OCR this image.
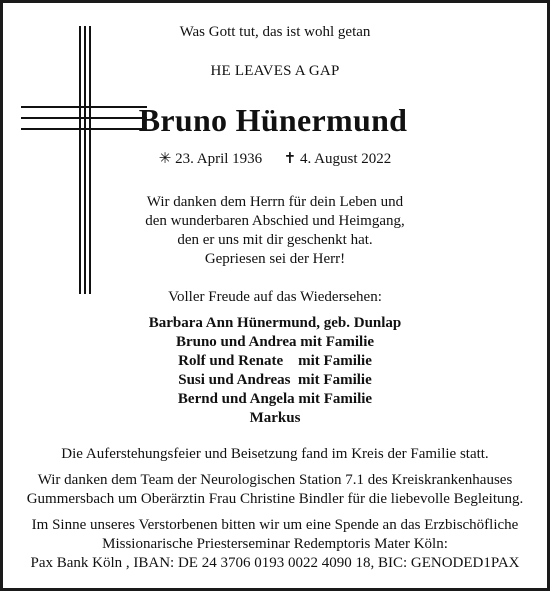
Was Gott tut, das ist wohl getan
HE LEAVES A GAP
Bruno Hünermund
✳ 23. April 1936 ✝ 4. August 2022
Wir danken dem Herrn für dein Leben und
den wunderbaren Abschied und Heimgang,
den er uns mit dir geschenkt hat.
Gepriesen sei der Herr!
Voller Freude auf das Wiedersehen:
Barbara Ann Hünermund, geb. Dunlap
Bruno und Andrea mit Familie
Rolf und Renate    mit Familie
Susi und Andreas  mit Familie
Bernd und Angela mit Familie
Markus
Die Auferstehungsfeier und Beisetzung fand im Kreis der Familie statt.
Wir danken dem Team der Neurologischen Station 7.1 des Kreiskrankenhauses
Gummersbach um Oberärztin Frau Christine Bindler für die liebevolle Begleitung.
Im Sinne unseres Verstorbenen bitten wir um eine Spende an das Erzbischöfliche
Missionarische Priesterseminar Redemptoris Mater Köln:
Pax Bank Köln , IBAN: DE 24 3706 0193 0022 4090 18, BIC: GENODED1PAX
